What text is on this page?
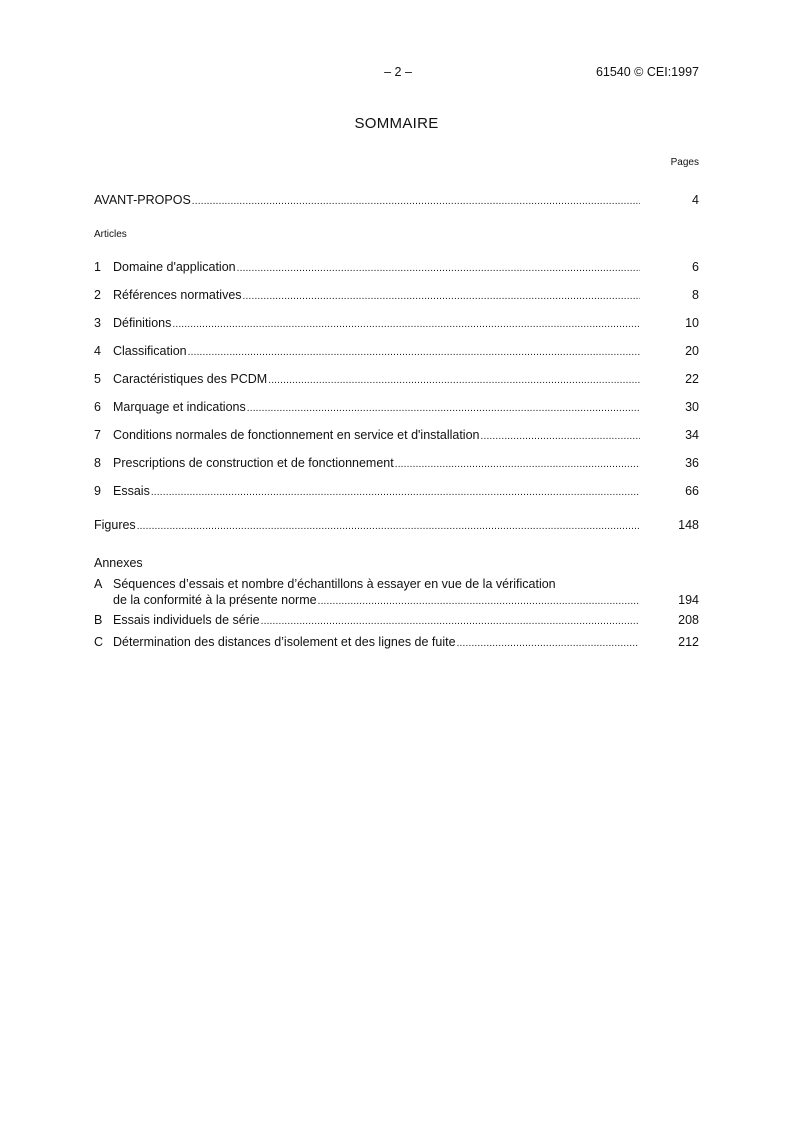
– 2 –	61540 © CEI:1997
SOMMAIRE
Pages
AVANT-PROPOS .....	4
Articles
1 Domaine d'application .....	6
2 Références normatives .....	8
3 Définitions .....	10
4 Classification .....	20
5 Caractéristiques des PCDM .....	22
6 Marquage et indications .....	30
7 Conditions normales de fonctionnement en service et d'installation .....	34
8 Prescriptions de construction et de fonctionnement .....	36
9 Essais .....	66
Figures .....	148
Annexes
A Séquences d’essais et nombre d’échantillons à essayer en vue de la vérification
de la conformité à la présente norme .....	194
B Essais individuels de série .....	208
C Détermination des distances d’isolement et des lignes de fuite .....	212
